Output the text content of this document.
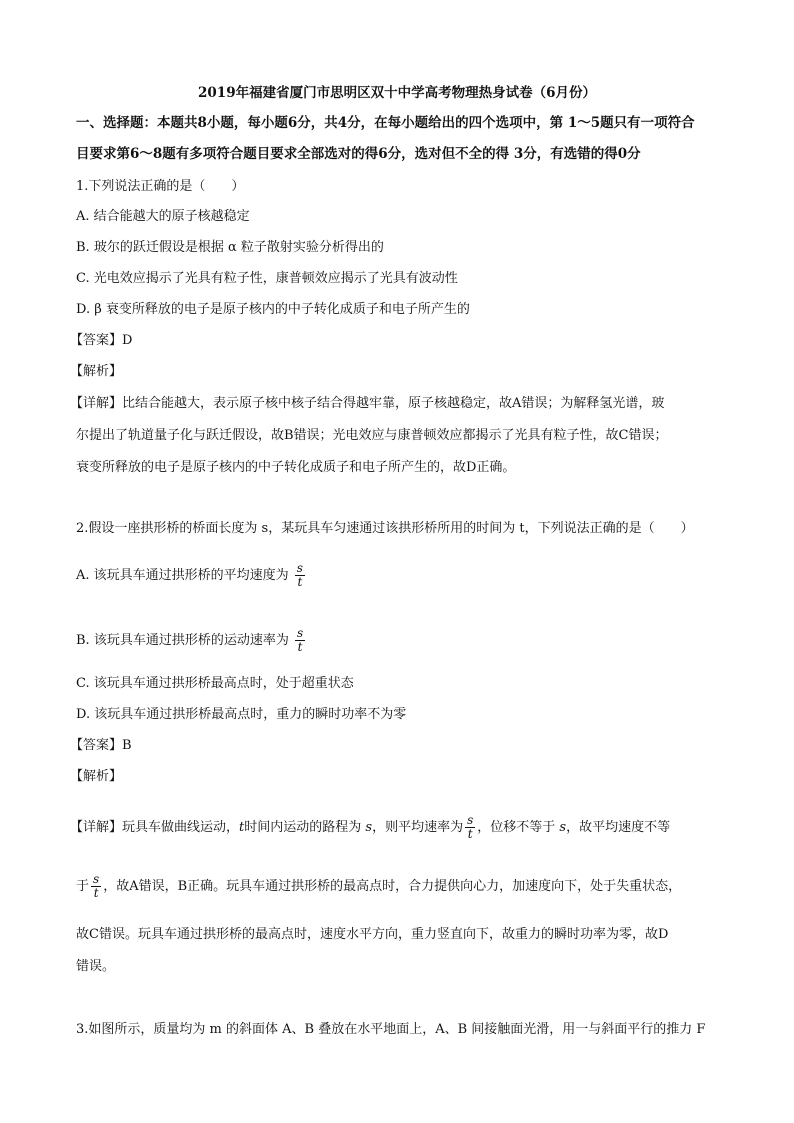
2019年福建省厦门市思明区双十中学高考物理热身试卷（6月份）
一、选择题：本题共8小题，每小题6分，共4分，在每小题给出的四个选项中，第 1～5题只有一项符合
目要求第6～8题有多项符合题目要求全部选对的得6分，选对但不全的得 3分，有选错的得0分
1.下列说法正确的是（　　）
A. 结合能越大的原子核越稳定
B. 玻尔的跃迁假设是根据 α 粒子散射实验分析得出的
C. 光电效应揭示了光具有粒子性，康普顿效应揭示了光具有波动性
D. β 衰变所释放的电子是原子核内的中子转化成质子和电子所产生的
【答案】D
【解析】
【详解】比结合能越大，表示原子核中核子结合得越牢靠，原子核越稳定，故A错误；为解释氢光谱，玻
尔提出了轨道量子化与跃迁假设，故B错误；光电效应与康普顿效应都揭示了光具有粒子性，故C错误；
衰变所释放的电子是原子核内的中子转化成质子和电子所产生的，故D正确。
2.假设一座拱形桥的桥面长度为 s，某玩具车匀速通过该拱形桥所用的时间为 t，下列说法正确的是（　　）
A. 该玩具车通过拱形桥的平均速度为 $\frac{s}{t}$
B. 该玩具车通过拱形桥的运动速率为 $\frac{s}{t}$
C. 该玩具车通过拱形桥最高点时，处于超重状态
D. 该玩具车通过拱形桥最高点时，重力的瞬时功率不为零
【答案】B
【解析】
【详解】玩具车做曲线运动，t时间内运动的路程为 s，则平均速率为 $\frac{s}{t}$ ，位移不等于 s，故平均速度不等
于 $\frac{s}{t}$ ，故A错误，B正确。玩具车通过拱形桥的最高点时，合力提供向心力，加速度向下，处于失重状态，
故C错误。玩具车通过拱形桥的最高点时，速度水平方向，重力竖直向下，故重力的瞬时功率为零，故D
错误。
3.如图所示，质量均为 m 的斜面体 A、B 叠放在水平地面上，A、B 间接触面光滑，用一与斜面平行的推力 F
